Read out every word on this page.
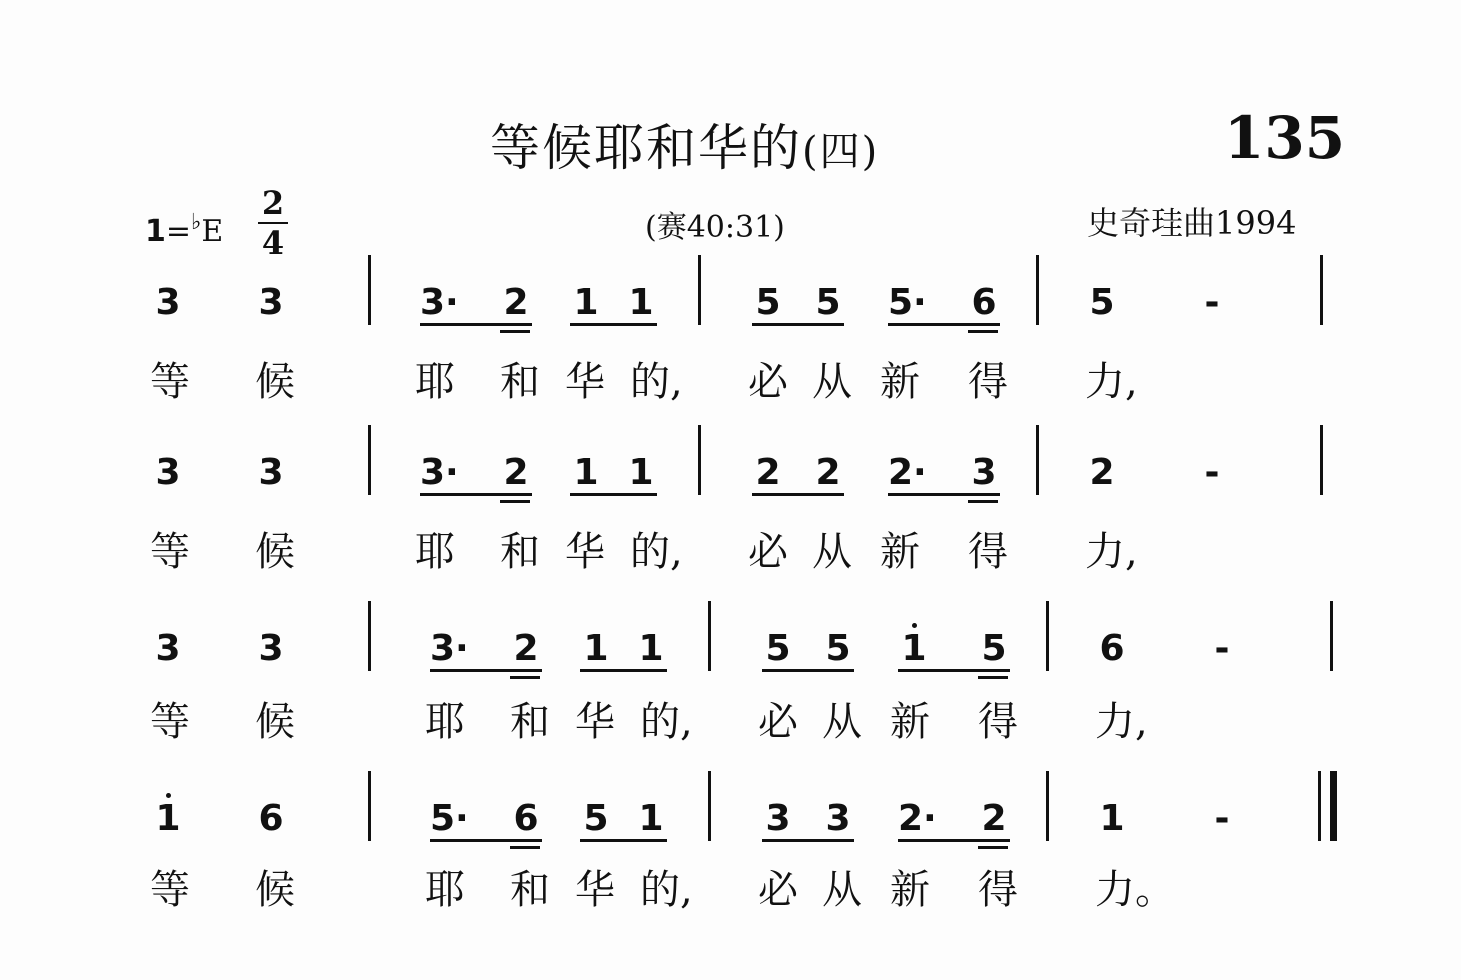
等候耶和华的(四)	135
(赛40:31)	史奇珪曲1994
1=♭E
2
4
3 3	3· 2 1 1	5 5 5· 6	5 -
等 候	耶 和 华 的, 必 从 新 得 力,
3 3	3· 2 1 1	2 2 2· 3	2 -
等 候	耶 和 华 的, 必 从 新 得 力,
3 3	3· 2 1 1	5 5 1 5	6 -
等 候	耶 和 华 的, 必 从 新 得 力,
1 6	5· 6 5 1	3 3 2· 2	1 -
等 候	耶 和 华 的, 必 从 新 得 力。
